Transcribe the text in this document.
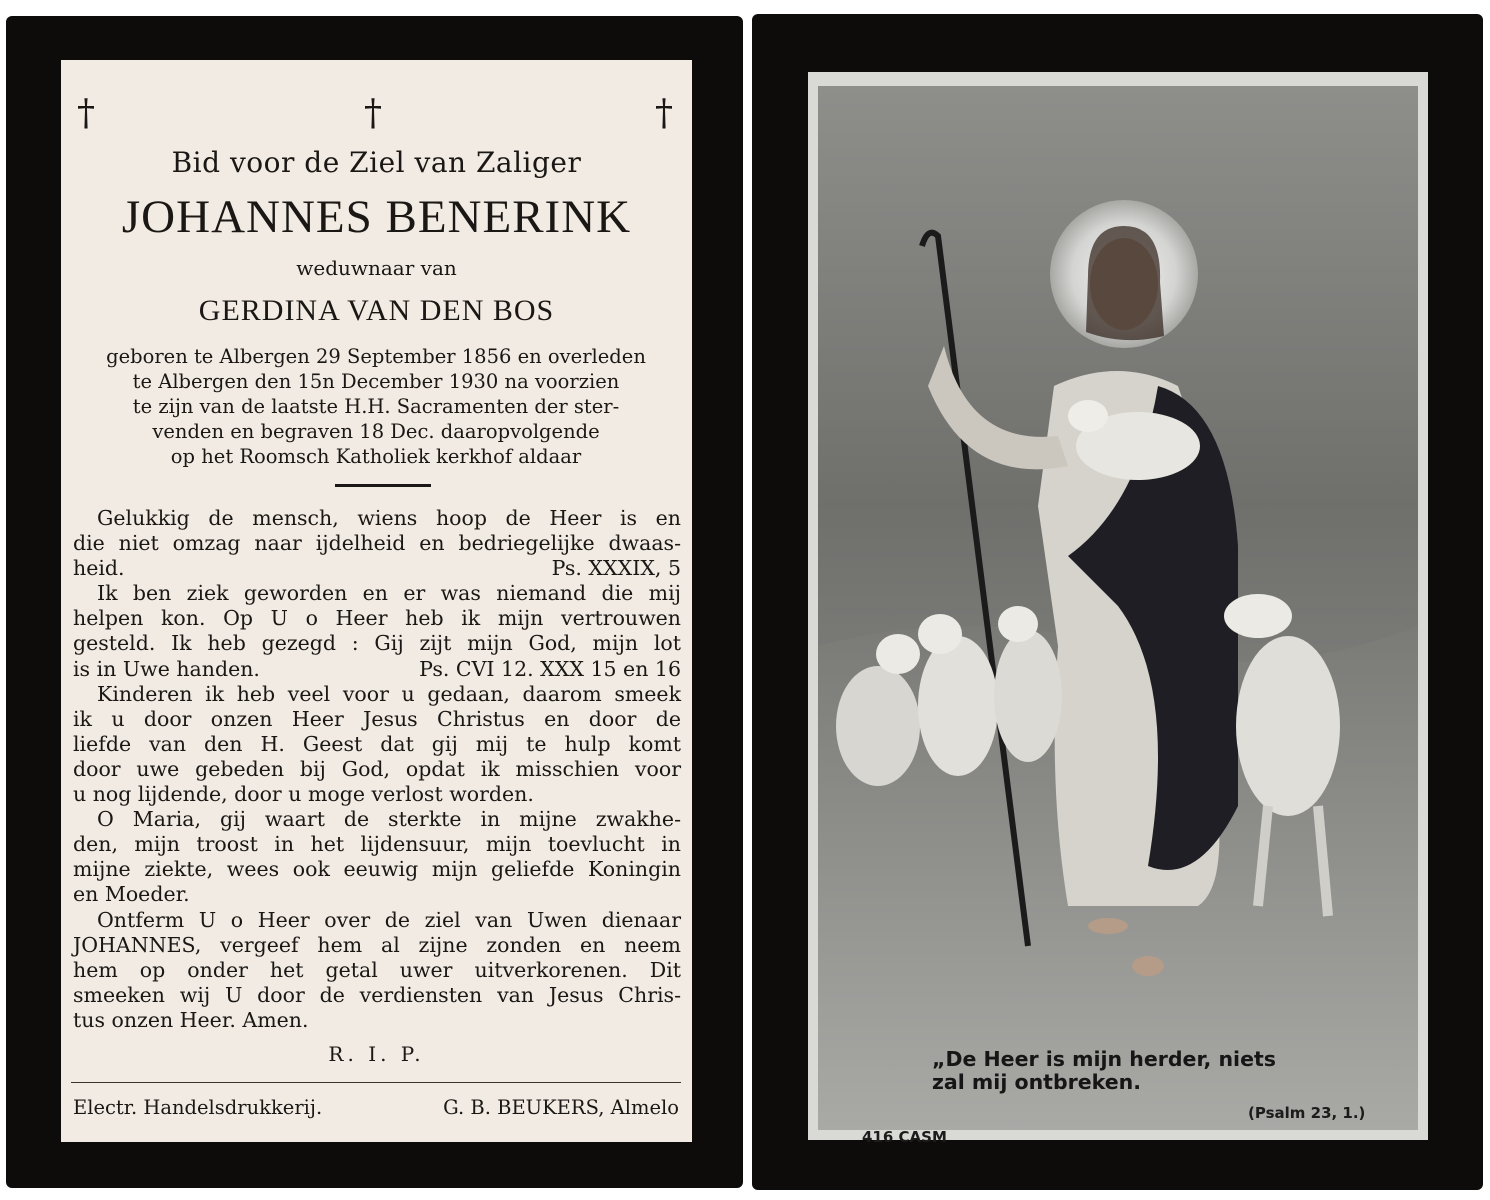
†	†	†
Bid voor de Ziel van Zaliger
JOHANNES BENERINK
weduwnaar van
GERDINA VAN DEN BOS
geboren te Albergen 29 September 1856 en overleden
te Albergen den 15n December 1930 na voorzien
te zijn van de laatste H.H. Sacramenten der ster-
venden en begraven 18 Dec. daaropvolgende
op het Roomsch Katholiek kerkhof aldaar
Gelukkig de mensch, wiens hoop de Heer is en
die niet omzag naar ijdelheid en bedriegelijke dwaas-
heid.	Ps. XXXIX, 5
Ik ben ziek geworden en er was niemand die mij
helpen kon. Op U o Heer heb ik mijn vertrouwen
gesteld. Ik heb gezegd : Gij zijt mijn God, mijn lot
is in Uwe handen.	Ps. CVI 12. XXX 15 en 16
Kinderen ik heb veel voor u gedaan, daarom smeek
ik u door onzen Heer Jesus Christus en door de
liefde van den H. Geest dat gij mij te hulp komt
door uwe gebeden bij God, opdat ik misschien voor
u nog lijdende, door u moge verlost worden.
O Maria, gij waart de sterkte in mijne zwakhe-
den, mijn troost in het lijdensuur, mijn toevlucht in
mijne ziekte, wees ook eeuwig mijn geliefde Koningin
en Moeder.
Ontferm U o Heer over de ziel van Uwen dienaar
JOHANNES, vergeef hem al zijne zonden en neem
hem op onder het getal uwer uitverkorenen. Dit
smeeken wij U door de verdiensten van Jesus Chris-
tus onzen Heer. Amen.
R. I. P.
Electr. Handelsdrukkerij.	G. B. BEUKERS, Almelo
„De Heer is mijn herder, niets
zal mij ontbreken.
(Psalm 23, 1.)
416 CASM
